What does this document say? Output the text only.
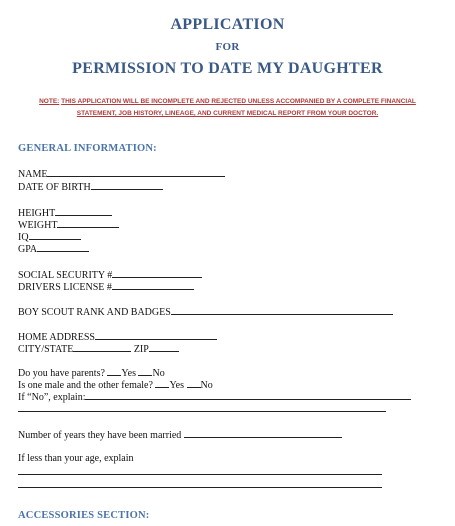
APPLICATION
FOR
PERMISSION TO DATE MY DAUGHTER
NOTE: THIS APPLICATION WILL BE INCOMPLETE AND REJECTED UNLESS ACCOMPANIED BY A COMPLETE FINANCIAL
STATEMENT, JOB HISTORY, LINEAGE, AND CURRENT MEDICAL REPORT FROM YOUR DOCTOR.
GENERAL INFORMATION:
NAME
DATE OF BIRTH
HEIGHT
WEIGHT
IQ
GPA
SOCIAL SECURITY #
DRIVERS LICENSE #
BOY SCOUT RANK AND BADGES
HOME ADDRESS
CITY/STATE	ZIP
Do you have parents? Yes No
Is one male and the other female? Yes No
If “No”, explain:
Number of years they have been married
If less than your age, explain
ACCESSORIES SECTION:
